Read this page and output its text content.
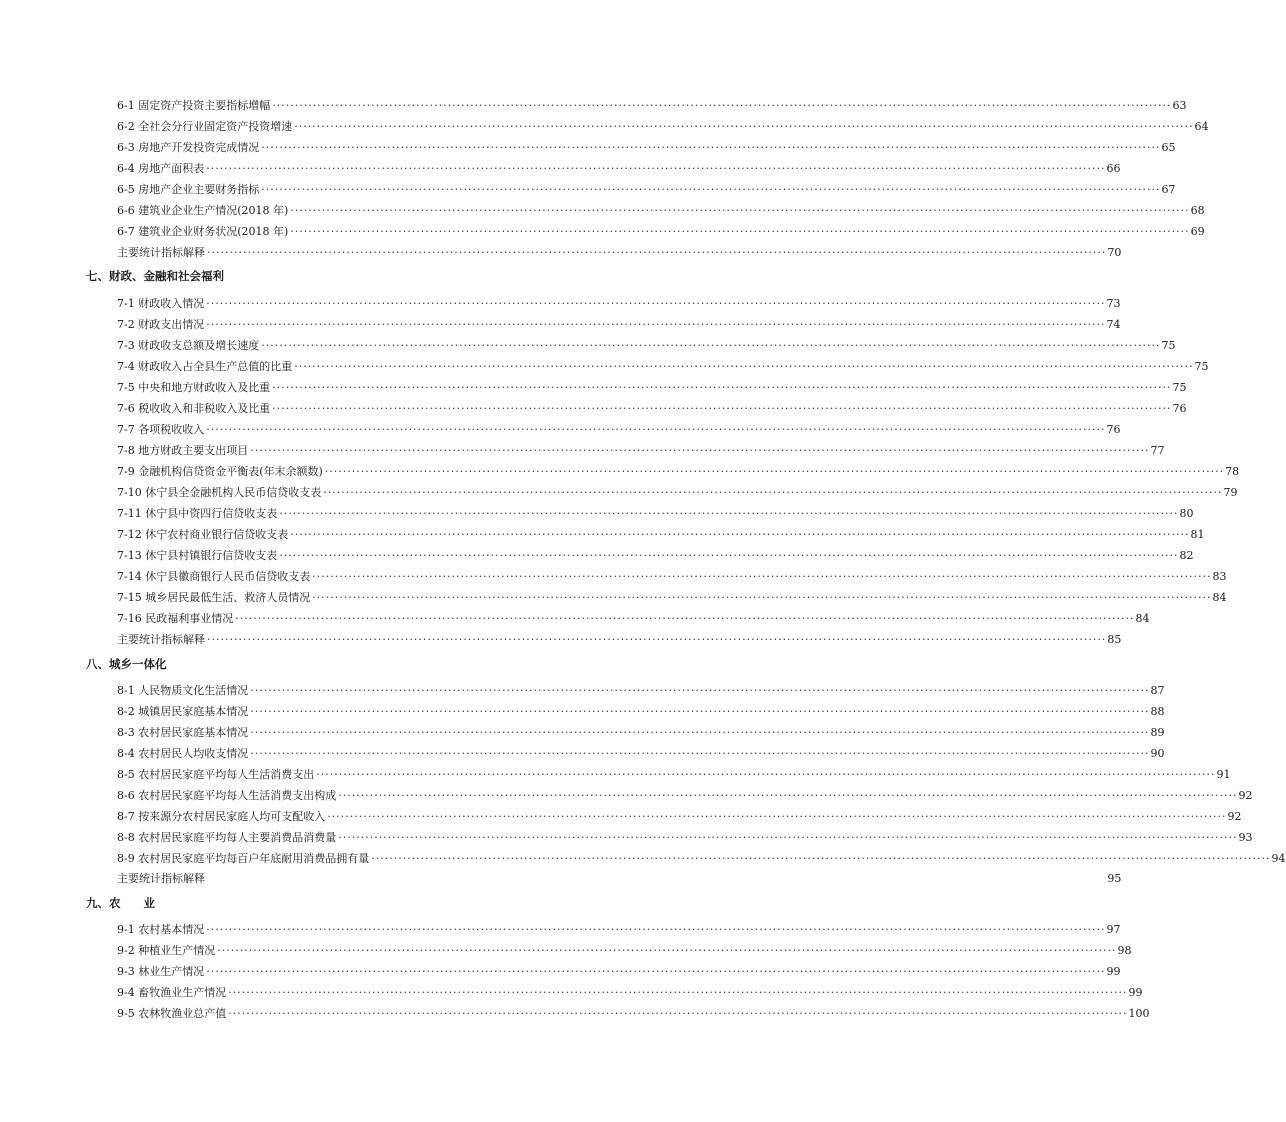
6-1 固定资产投资主要指标增幅 ········································································································································································································ 63
6-2 全社会分行业固定资产投资增速 ········································································································································································································ 64
6-3 房地产开发投资完成情况 ········································································································································································································ 65
6-4 房地产面积表 ········································································································································································································ 66
6-5 房地产企业主要财务指标 ········································································································································································································ 67
6-6 建筑业企业生产情况(2018 年) ········································································································································································································ 68
6-7 建筑业企业财务状况(2018 年) ········································································································································································································ 69
主要统计指标解释 ········································································································································································································ 70
七、财政、金融和社会福利
7-1 财政收入情况 ········································································································································································································ 73
7-2 财政支出情况 ········································································································································································································ 74
7-3 财政收支总额及增长速度 ········································································································································································································ 75
7-4 财政收入占全县生产总值的比重 ········································································································································································································ 75
7-5 中央和地方财政收入及比重 ········································································································································································································ 75
7-6 税收收入和非税收入及比重 ········································································································································································································ 76
7-7 各项税收收入 ········································································································································································································ 76
7-8 地方财政主要支出项目 ········································································································································································································ 77
7-9 金融机构信贷资金平衡表(年末余额数) ········································································································································································································ 78
7-10 休宁县全金融机构人民币信贷收支表 ········································································································································································································ 79
7-11 休宁县中资四行信贷收支表 ········································································································································································································ 80
7-12 休宁农村商业银行信贷收支表 ········································································································································································································ 81
7-13 休宁县村镇银行信贷收支表 ········································································································································································································ 82
7-14 休宁县徽商银行人民币信贷收支表 ········································································································································································································ 83
7-15 城乡居民最低生活、救济人员情况 ········································································································································································································ 84
7-16 民政福利事业情况 ········································································································································································································ 84
主要统计指标解释 ········································································································································································································ 85
八、城乡一体化
8-1 人民物质文化生活情况 ········································································································································································································ 87
8-2 城镇居民家庭基本情况 ········································································································································································································ 88
8-3 农村居民家庭基本情况 ········································································································································································································ 89
8-4 农村居民人均收支情况 ········································································································································································································ 90
8-5 农村居民家庭平均每人生活消费支出 ········································································································································································································ 91
8-6 农村居民家庭平均每人生活消费支出构成 ········································································································································································································ 92
8-7 按来源分农村居民家庭人均可支配收入 ········································································································································································································ 92
8-8 农村居民家庭平均每人主要消费品消费量 ········································································································································································································ 93
8-9 农村居民家庭平均每百户年底耐用消费品拥有量 ········································································································································································································ 94
主要统计指标解释	95
九、农　　业
9-1 农村基本情况 ········································································································································································································ 97
9-2 种植业生产情况 ········································································································································································································ 98
9-3 林业生产情况 ········································································································································································································ 99
9-4 畜牧渔业生产情况 ········································································································································································································ 99
9-5 农林牧渔业总产值 ········································································································································································································ 100
